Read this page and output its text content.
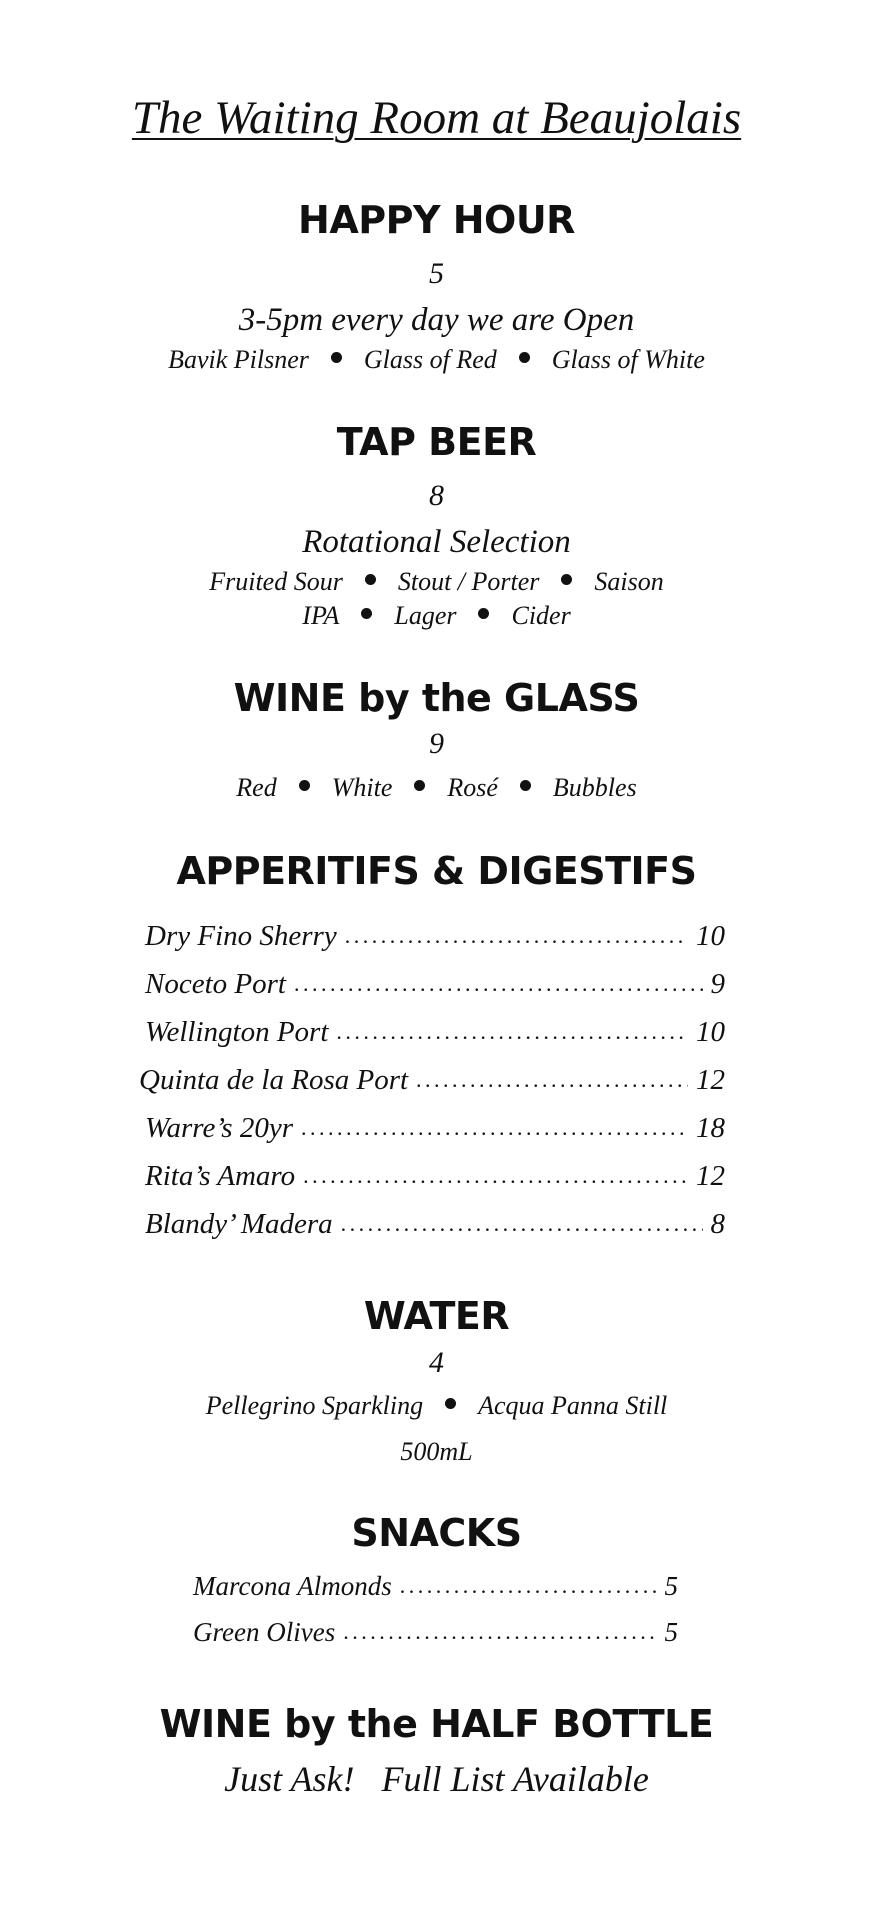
The Waiting Room at Beaujolais
HAPPY HOUR
5
3-5pm every day we are Open
Bavik Pilsner Glass of Red Glass of White
TAP BEER
8
Rotational Selection
Fruited Sour Stout / Porter Saison
IPA Lager Cider
WINE by the GLASS
9
Red White Rosé Bubbles
APPERITIFS & DIGESTIFS
Dry Fino Sherry . . .	10
Noceto Port . . .	9
Wellington Port . . .	10
Quinta de la Rosa Port . . .	12
Warre’s 20yr . . .	18
Rita’s Amaro . . .	12
Blandy’ Madera . . .	8
WATER
4
Pellegrino Sparkling Acqua Panna Still
500mL
SNACKS
Marcona Almonds . . .	5
Green Olives . . .	5
WINE by the HALF BOTTLE
Just Ask!   Full List Available
